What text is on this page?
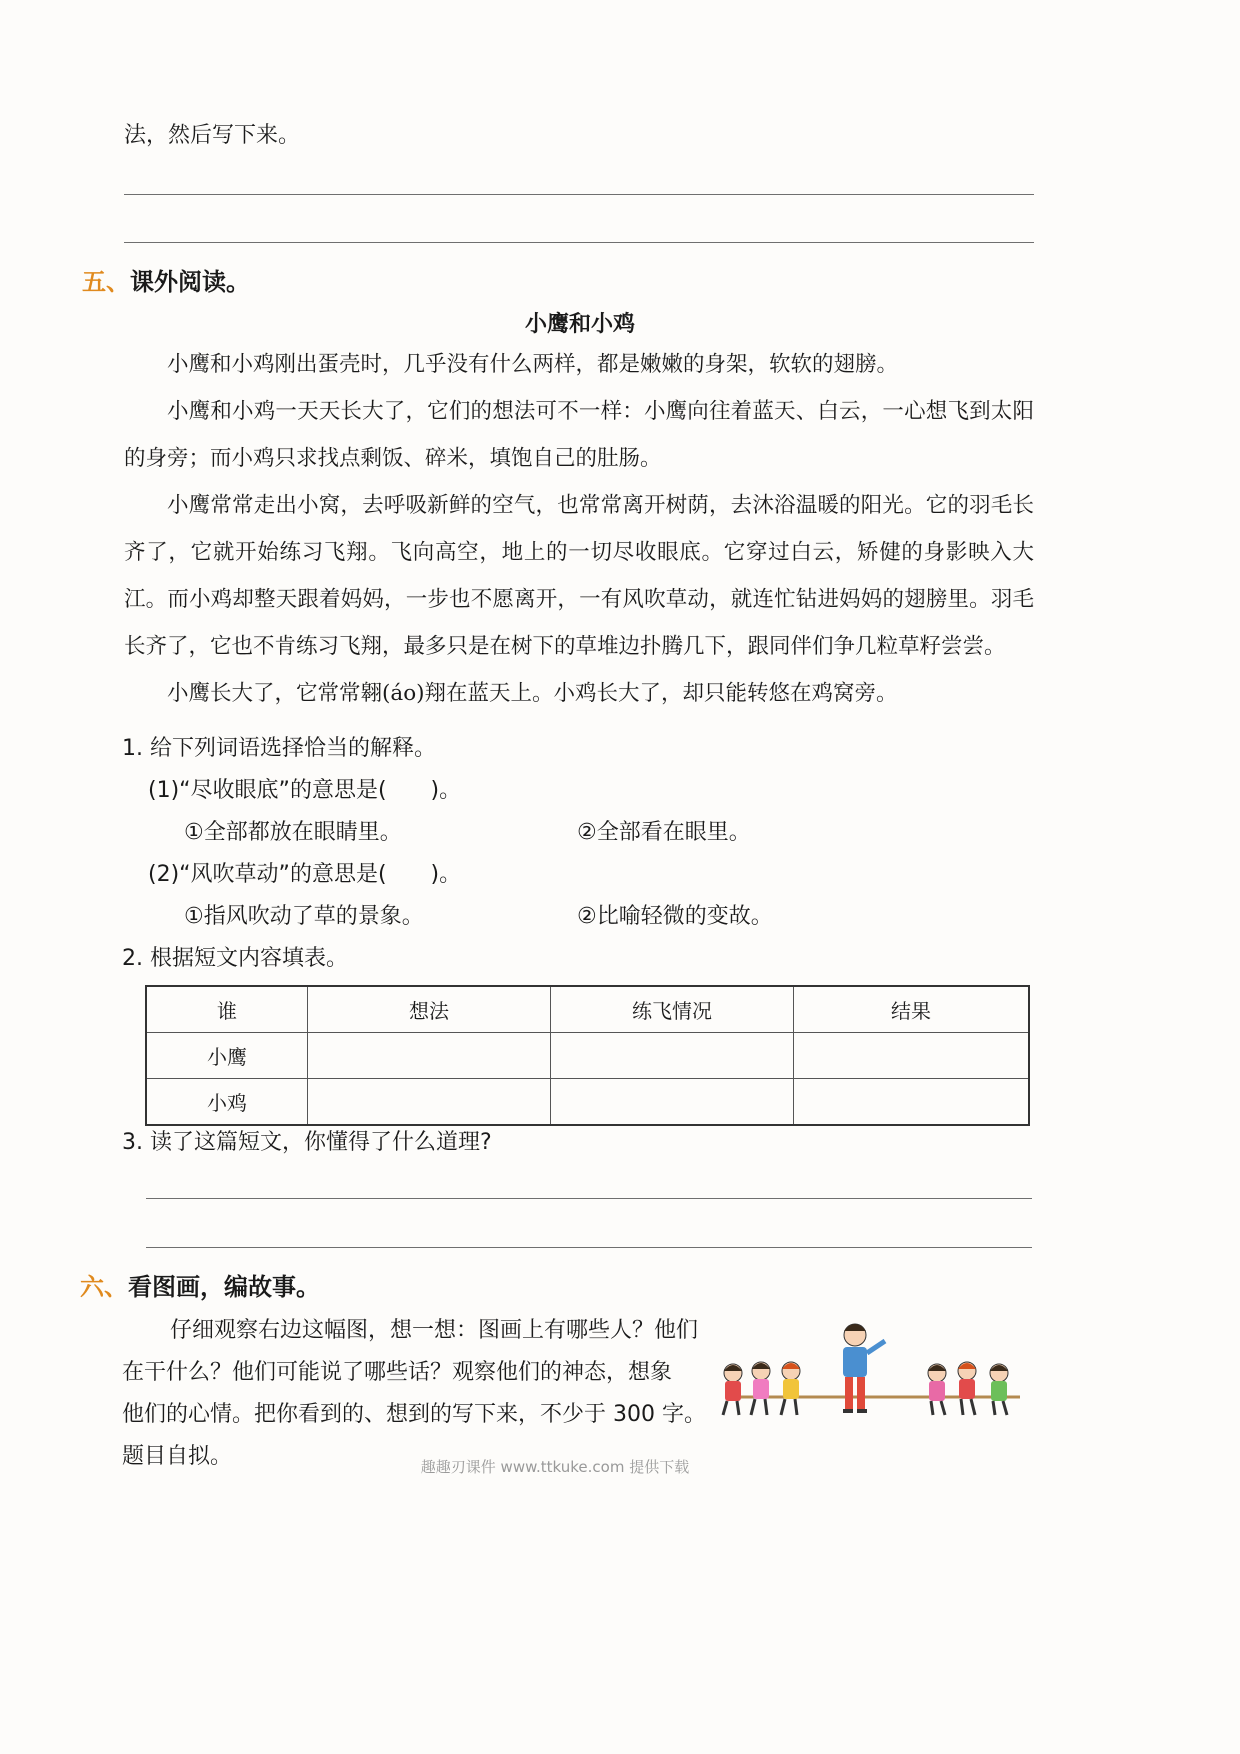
法，然后写下来。
五、课外阅读。
小鹰和小鸡
小鹰和小鸡刚出蛋壳时，几乎没有什么两样，都是嫩嫩的身架，软软的翅膀。
小鹰和小鸡一天天长大了，它们的想法可不一样：小鹰向往着蓝天、白云，一心想飞到太阳的身旁；而小鸡只求找点剩饭、碎米，填饱自己的肚肠。
小鹰常常走出小窝，去呼吸新鲜的空气，也常常离开树荫，去沐浴温暖的阳光。它的羽毛长齐了，它就开始练习飞翔。飞向高空，地上的一切尽收眼底。它穿过白云，矫健的身影映入大江。而小鸡却整天跟着妈妈，一步也不愿离开，一有风吹草动，就连忙钻进妈妈的翅膀里。羽毛长齐了，它也不肯练习飞翔，最多只是在树下的草堆边扑腾几下，跟同伴们争几粒草籽尝尝。
小鹰长大了，它常常翱(áo)翔在蓝天上。小鸡长大了，却只能转悠在鸡窝旁。
1. 给下列词语选择恰当的解释。
(1)“尽收眼底”的意思是(　　)。
①全部都放在眼睛里。	②全部看在眼里。
(2)“风吹草动”的意思是(　　)。
①指风吹动了草的景象。	②比喻轻微的变故。
2. 根据短文内容填表。
谁	想法	练飞情况	结果
小鹰			
小鸡			
3. 读了这篇短文，你懂得了什么道理?
六、看图画，编故事。
仔细观察右边这幅图，想一想：图画上有哪些人？他们
在干什么？他们可能说了哪些话？观察他们的神态，想象
他们的心情。把你看到的、想到的写下来，不少于 300 字。
题目自拟。	趣趣刃课件 www.ttkuke.com 提供下载
